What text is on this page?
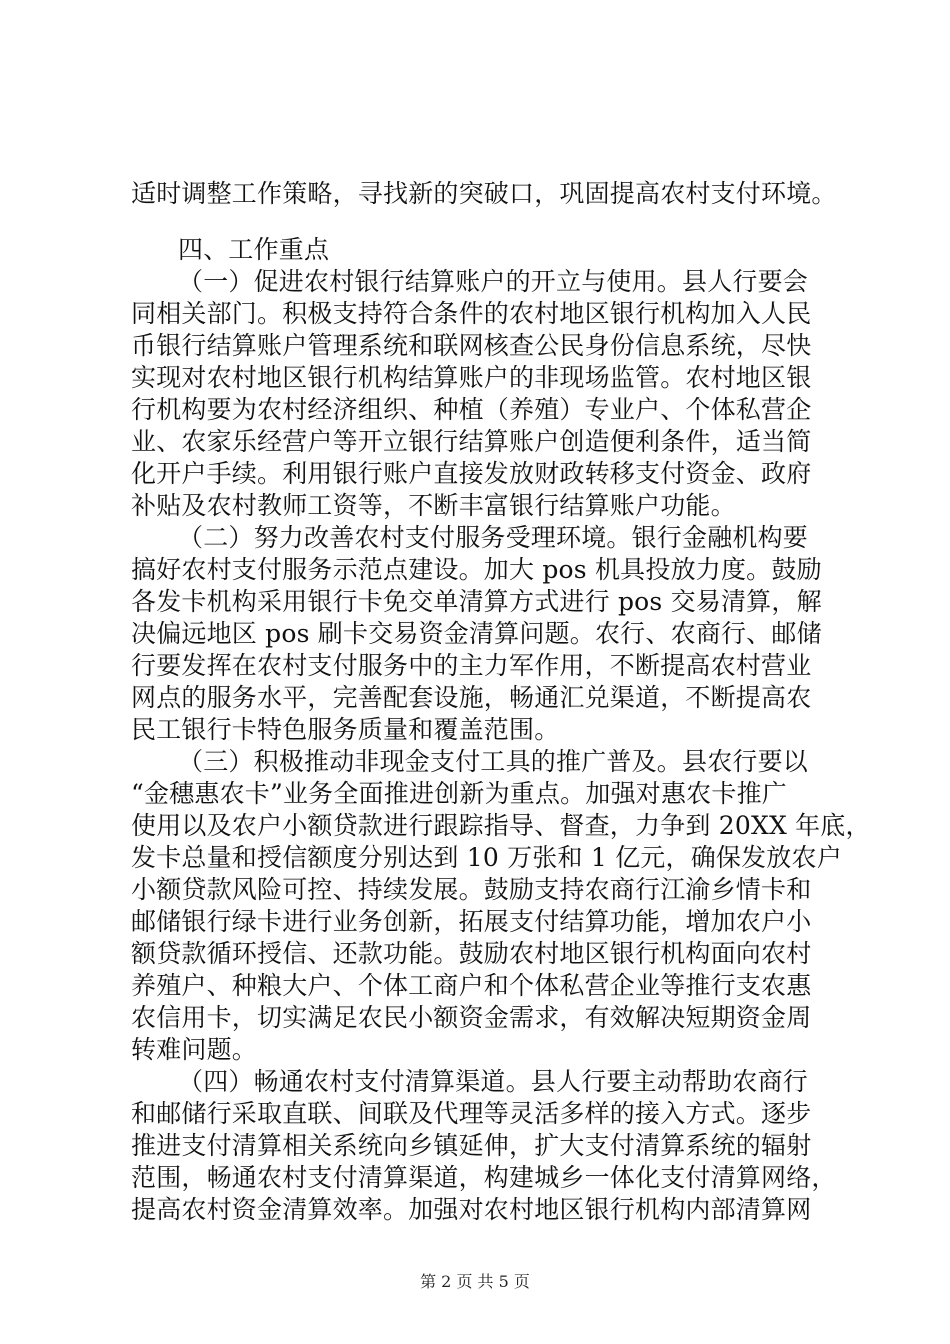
适时调整工作策略，寻找新的突破口，巩固提高农村支付环境。
四、工作重点
（一）促进农村银行结算账户的开立与使用。县人行要会
同相关部门。积极支持符合条件的农村地区银行机构加入人民
币银行结算账户管理系统和联网核查公民身份信息系统，尽快
实现对农村地区银行机构结算账户的非现场监管。农村地区银
行机构要为农村经济组织、种植（养殖）专业户、个体私营企
业、农家乐经营户等开立银行结算账户创造便利条件，适当简
化开户手续。利用银行账户直接发放财政转移支付资金、政府
补贴及农村教师工资等，不断丰富银行结算账户功能。
（二）努力改善农村支付服务受理环境。银行金融机构要
搞好农村支付服务示范点建设。加大 pos 机具投放力度。鼓励
各发卡机构采用银行卡免交单清算方式进行 pos 交易清算，解
决偏远地区 pos 刷卡交易资金清算问题。农行、农商行、邮储
行要发挥在农村支付服务中的主力军作用，不断提高农村营业
网点的服务水平，完善配套设施，畅通汇兑渠道，不断提高农
民工银行卡特色服务质量和覆盖范围。
（三）积极推动非现金支付工具的推广普及。县农行要以
“金穗惠农卡”业务全面推进创新为重点。加强对惠农卡推广
使用以及农户小额贷款进行跟踪指导、督查，力争到 20XX 年底，
发卡总量和授信额度分别达到 10 万张和 1 亿元，确保发放农户
小额贷款风险可控、持续发展。鼓励支持农商行江渝乡情卡和
邮储银行绿卡进行业务创新，拓展支付结算功能，增加农户小
额贷款循环授信、还款功能。鼓励农村地区银行机构面向农村
养殖户、种粮大户、个体工商户和个体私营企业等推行支农惠
农信用卡，切实满足农民小额资金需求，有效解决短期资金周
转难问题。
（四）畅通农村支付清算渠道。县人行要主动帮助农商行
和邮储行采取直联、间联及代理等灵活多样的接入方式。逐步
推进支付清算相关系统向乡镇延伸，扩大支付清算系统的辐射
范围，畅通农村支付清算渠道，构建城乡一体化支付清算网络，
提高农村资金清算效率。加强对农村地区银行机构内部清算网
第 2 页 共 5 页
